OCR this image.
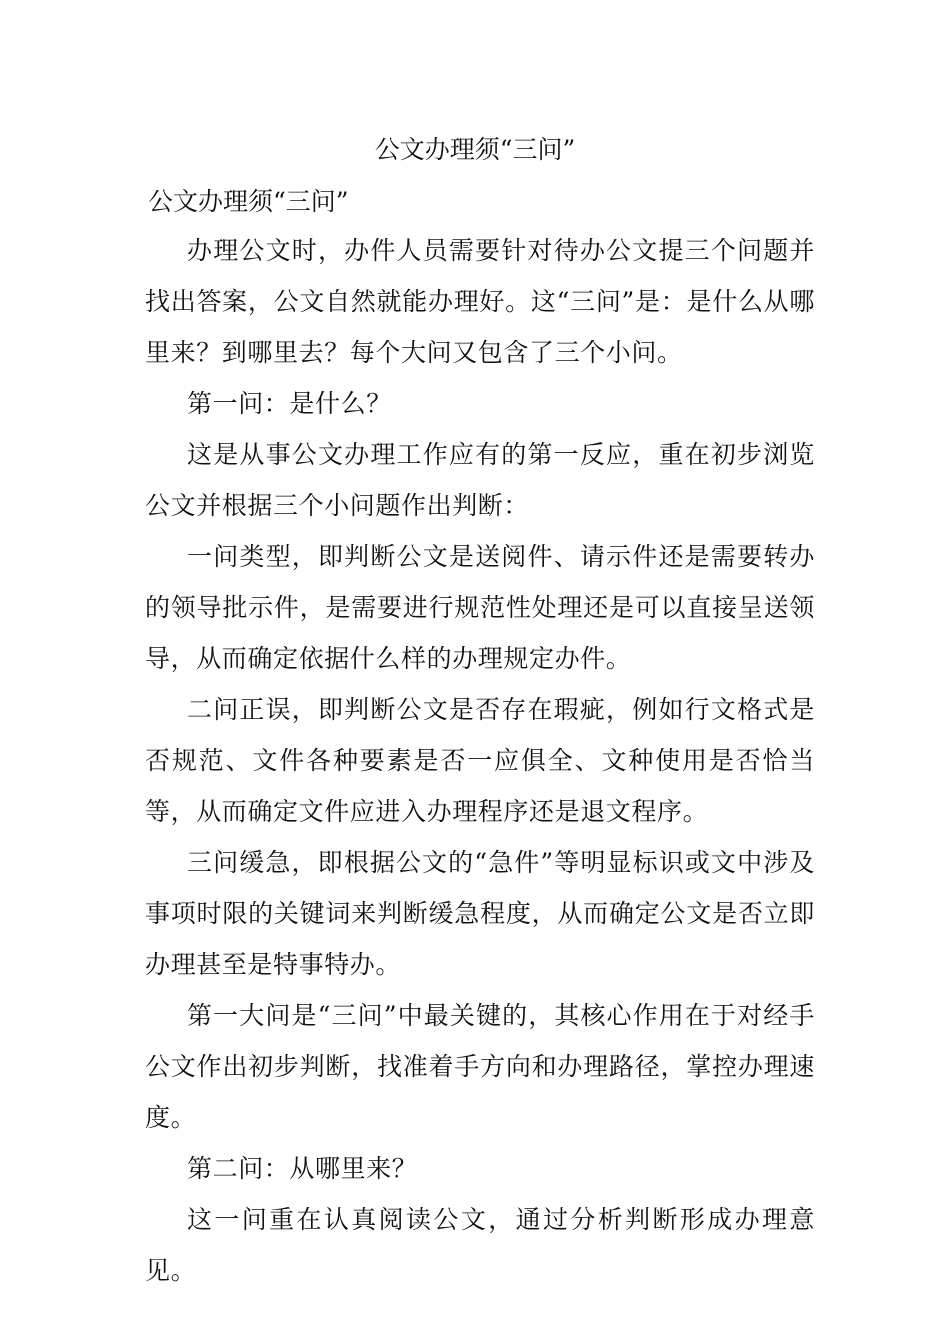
公文办理须“三问”
公文办理须“三问”

办理公文时，办件人员需要针对待办公文提三个问题并找出答案，公文自然就能办理好。这“三问”是：是什么从哪里来？到哪里去？每个大问又包含了三个小问。

第一问：是什么？

这是从事公文办理工作应有的第一反应，重在初步浏览公文并根据三个小问题作出判断：

一问类型，即判断公文是送阅件、请示件还是需要转办的领导批示件，是需要进行规范性处理还是可以直接呈送领导，从而确定依据什么样的办理规定办件。

二问正误，即判断公文是否存在瑕疵，例如行文格式是否规范、文件各种要素是否一应俱全、文种使用是否恰当等，从而确定文件应进入办理程序还是退文程序。

三问缓急，即根据公文的“急件”等明显标识或文中涉及事项时限的关键词来判断缓急程度，从而确定公文是否立即办理甚至是特事特办。

第一大问是“三问”中最关键的，其核心作用在于对经手公文作出初步判断，找准着手方向和办理路径，掌控办理速度。

第二问：从哪里来？

这一问重在认真阅读公文，通过分析判断形成办理意见。
